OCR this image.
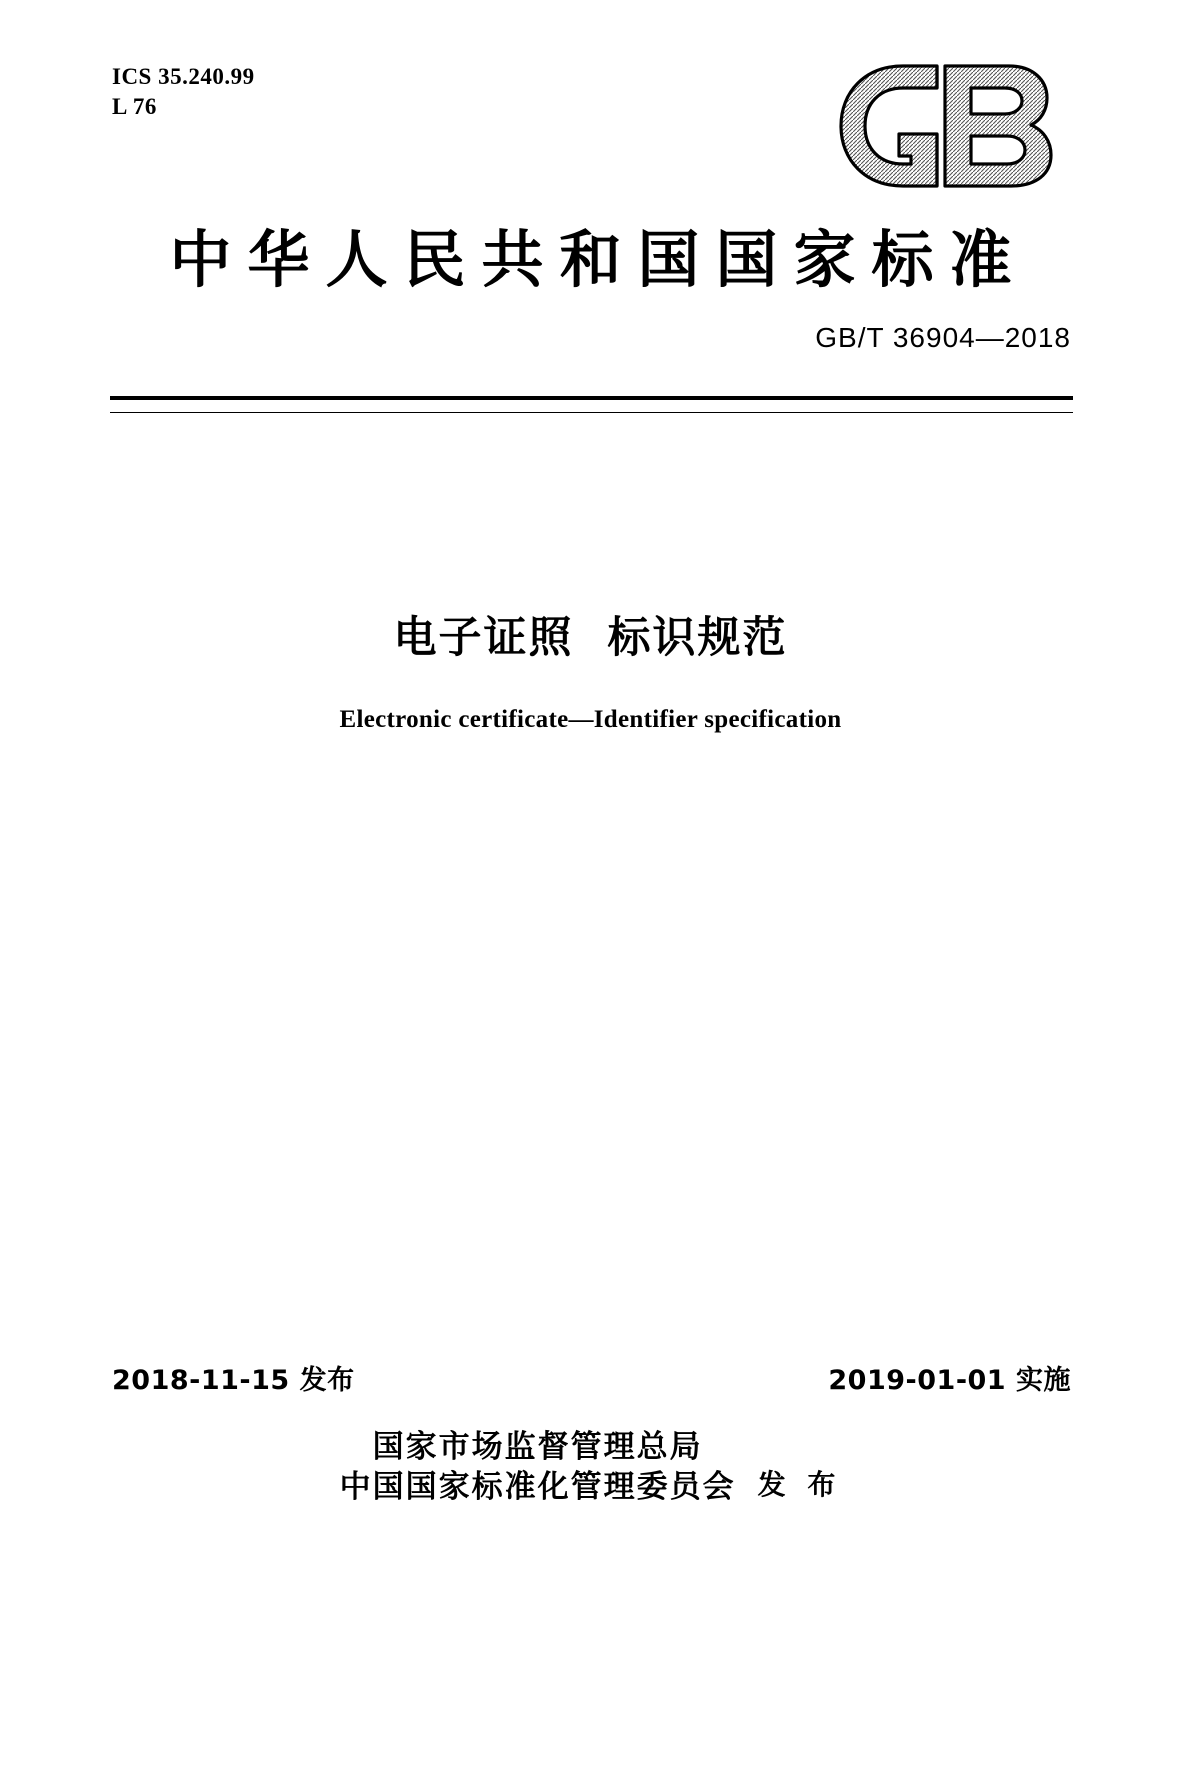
ICS 35.240.99
L 76
中华人民共和国国家标准
GB/T 36904—2018
电子证照  标识规范
Electronic certificate—Identifier specification
2018-11-15 发布	2019-01-01 实施
国家市场监督管理总局
中国国家标准化管理委员会 发 布
